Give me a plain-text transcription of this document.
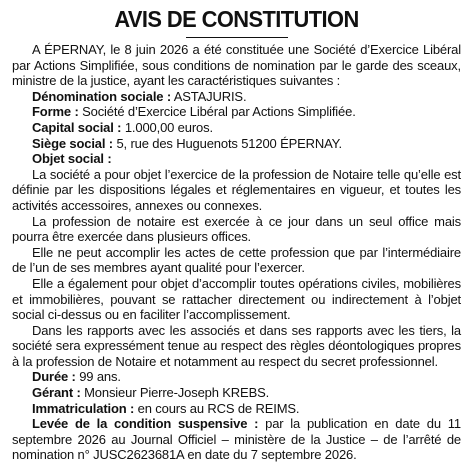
AVIS DE CONSTITUTION

A ÉPERNAY, le 8 juin 2026 a été constituée une Société d’Exercice Libéral par Actions Simplifiée, sous conditions de nomination par le garde des sceaux, ministre de la justice, ayant les caractéristiques suivantes :

Dénomination sociale : ASTAJURIS.

Forme : Société d’Exercice Libéral par Actions Simplifiée.

Capital social : 1.000,00 euros.

Siège social : 5, rue des Huguenots 51200 ÉPERNAY.

Objet social :

La société a pour objet l’exercice de la profession de Notaire telle qu’elle est définie par les dispositions légales et réglementaires en vigueur, et toutes les activités accessoires, annexes ou connexes.

La profession de notaire est exercée à ce jour dans un seul office mais pourra être exercée dans plusieurs offices.

Elle ne peut accomplir les actes de cette profession que par l’intermédiaire de l’un de ses membres ayant qualité pour l’exercer.

Elle a également pour objet d’accomplir toutes opérations civiles, mobilières et immobilières, pouvant se rattacher directement ou indirectement à l’objet social ci-dessus ou en faciliter l’accomplissement.

Dans les rapports avec les associés et dans ses rapports avec les tiers, la société sera expressément tenue au respect des règles déontologiques propres à la profession de Notaire et notamment au respect du secret professionnel.

Durée : 99 ans.

Gérant : Monsieur Pierre-Joseph KREBS.

Immatriculation : en cours au RCS de REIMS.

Levée de la condition suspensive : par la publication en date du 11 septembre 2026 au Journal Officiel – ministère de la Justice – de l’arrêté de nomination n° JUSC2623681A en date du 7 septembre 2026.
